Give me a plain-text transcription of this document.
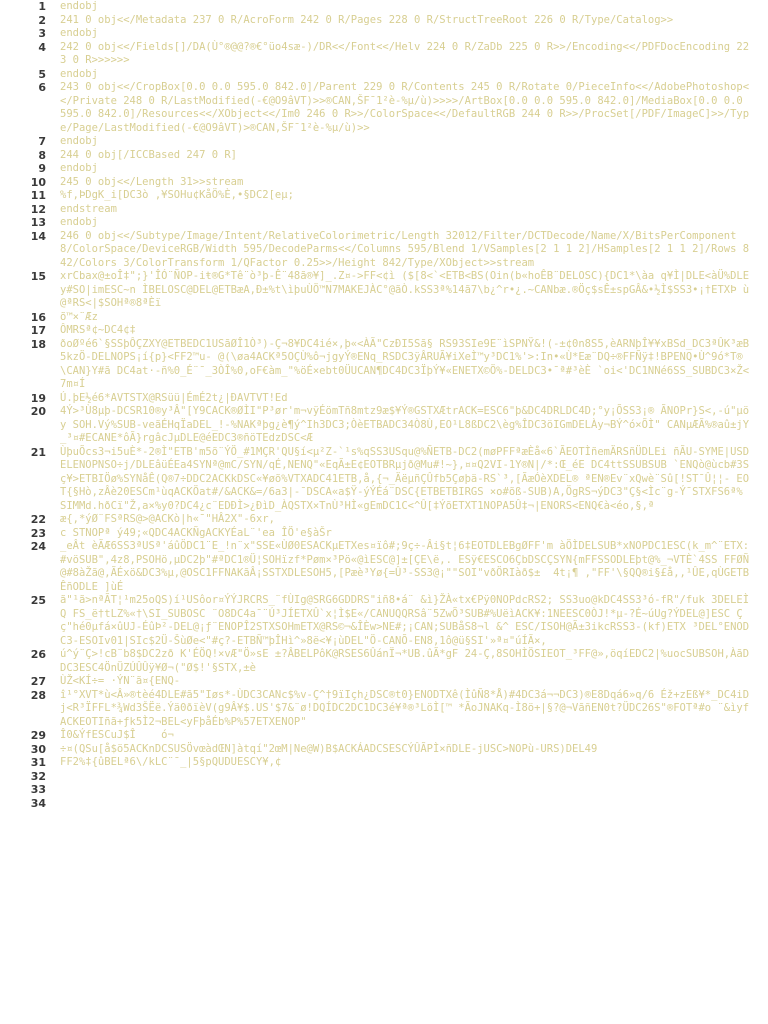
1	endobj
2	241 0 obj<</Metadata 237 0 R/AcroForm 242 0 R/Pages 228 0 R/StructTreeRoot 226 0 R/Type/Catalog>>
3	endobj
4	242 0 obj<</Fields[]/DA(Ù°®@@?®€°üo4sæ-)/DR<</Font<</Helv 224 0 R/ZaDb 225 0 R>>/Encoding<</PDFDocEncoding 223 0 R>>>>>>
5	endobj
6	243 0 obj<</CropBox[0.0 0.0 595.0 842.0]/Parent 229 0 R/Contents 245 0 R/Rotate 0/PieceInfo<</AdobePhotoshop<</Private 248 0 R/LastModified(-€@O9âVT)>>®CAN,ŠF¯1²è-%µ/ù)>>>>/ArtBox[0.0 0.0 595.0 842.0]/MediaBox[0.0 0.0 595.0 842.0]/Resources<</XObject<</Im0 246 0 R>>/ColorSpace<</DefaultRGB 244 0 R>>/ProcSet[/PDF/ImageC]>>/Type/Page/LastModified(-€@O9âVT)>®CAN,ŠF¯1²è-%µ/ù)>>
7	endobj
8	244 0 obj[/ICCBased 247 0 R]
9	endobj
10	245 0 obj<</Length 31>>stream
11	%f,ÞDgK_i[DC3ò ,¥SOHu¢KåÖ%È,•§DC2[eµ;
12	endstream
13	endobj
14	246 0 obj<</Subtype/Image/Intent/RelativeColorimetric/Length 32012/Filter/DCTDecode/Name/X/BitsPerComponent 8/ColorSpace/DeviceRGB/Width 595/DecodeParms<</Columns 595/Blend 1/VSamples[2 1 1 2]/HSamples[2 1 1 2]/Rows 842/Colors 3/ColorTransform 1/QFactor 0.25>>/Height 842/Type/XObject>>stream
15	xrCbax@±oÎ‡";}'ÎÓ¨ÑOP-iŧ®G*Tê¨ò³þ-Ê¨48ã®¥]_.Z¤->FF<¢ì ($[8<`<ETB<BS(Oin(b«hoÊB¨DELOSC){DC1*\àa q¥Ì|DLE<àÜ%DLEy#SO|imESC~n ÌBELOSC@DEL@ETBæA,Ð±%t\ìþuÙÖ™N7MAKEJÀC°@ãÒ.kSS3ª%14ã7\b¿^r•¿.~CANbæ.®Öç$sÊ±spGÂ&•½Ì$SS3•¡†ETXÞ ù@ªRS<|$SOHª®8ªÈï
16	õ™×¨Æz
17	ÔMRSª¢~DC4¢‡
18	ðoØºé6`§SSþÔÇZXY@ETBEDC1USãØÎ1Ò³)-Ç¬8¥DC4ié×,þ«<ÀÃ"CzÐI5Sã§ RS93SIe9E¨ìSPNŸ&!(-±¢0n8S5,èARNþÎ¥¥xBSd_DC3ªÛK³æB5kzÖ-DELNOPS¡í{p}<FF2™u- @(\øa4ACKª5OÇÙ%ô¬jgyÝ®ENq_RSDC3ÿÂRUÃ¥iXeÌ™y³DC1%'>:In•«Ù*Eæ¨DQ÷®FFÑÿ‡!BPENQ•Ù^9ó*T®\CAN}Y#ã DC4at·-ñ%0_É¨¯_3ÒÎ%0,oF€àm_"%öÉ×ebt0ÜUCAN¶DC4DC3ÏþÝ¥«ENETX©Ö%-DELDC3•¯ª#³èÈ `oi<'DC1NNé6SS_SUBDC3×Ž<7m¤Í
19	Ú.þE½é6*AVTSTX@RSüü|ÉmÉ2t¿|ÐAVTVT!Ed
20	4Ý>³Ù8µþ-DCSR10®y³Â"[Y9CACK®ØÌI"P³ør'm¬vÿÉömTñ8mtz9æ$¥Ý®GSTXÆtrACK=ESC6"þ&DC4DRLDC4D;°y¡ÕSS3¡® ÃNOPr}S<,-ú"µöy SOH.Vý%SUB-veãÉHqÏaDEL_!-%NAKªþg¿è¶ý^Ih3DC3;ÒèETBADC34Ò8Ù,EO¹L8ßDC2\èg%ÎDC3öIGmDELÀy¬BÝ^ó×ÕÌ" CANµÆÃ%®aû±jY_³¤#ECANE*ôÃ}rgâcJµDLE@éEDC3®ñöTEdzDSC<Æ
21	ÙþuÕcs3¬i5uÈ*-2®Ì"ETB'm5õ¨ÝÖ_#1MÇR'QU§í<µ²Z-`¹s%qSS3USqu@%ÑETB-DC2(møPFFªæÈå«6`ÃEOTÌñemÄRSñÜDLEi ñÃU-SYME|USDELENOPNSO÷j/DLEâüÉEa4SYNª@mC/SYN/qÉ,NENQ"«EqÃ±E¢EOTBRµjð@Mu#!~},¤¤Q2VI-1Y®N|/*:Œ_éE DC4ttSSUBSUB `ENQò@ùcb#3Sç¥>ETBIÖø%SYNåÊ(Q®7÷DDC2ACKkDSC«¥øõ%VTXADC41ETB,å,{¬_ÄëµñÇÛfb5Çøþä-RS`³,[ÃæÓèXDEL® ªEN®Ev¨xQwè¨Sû[!ST¯Û¦¦- EOT{§Hò,zÂè20ESCm¹ùqACKÖat#/&ACK&=/6a3|-¯DSCA«a$Ÿ-ýÝÉá¨DSC{ETBETBIRGS ×o#õß-SUB)A,ÖgRS¬ýDC3"Ç§<Ìc¨g-Ý¯STXFS6ª% SIMMd.hðCï"Ž,a×%y0?DC4¿c¨EDÐÌ>¿ÐìD_ÀQSTX×TnÙ³HÌ«gEmDC1C<^Û[‡ÝõETXT1NOPA5Û‡¬|ENORS<ENQ€à<éo,§,ª
22	æ{,*ýØ¨FSªRS@>@ACKò|h«¯"HÂ2X"-6xr,
23	c STNOPª ý49;«QDC4ACKÑgACKYÉaL¨'ea ÎÖ'e§àŠr
24	_eÂt èÃÆ6SS3ªUSª'áûÖDC1¨E_!n¨x"SSE«ÙØ0ESACKµETXes¤ïô#;9ç÷-Âi§t¦6‡EOTDLEBgØFF'm àÖÌDELSUB*xNOPDC1ESC(k_m^¨ETX:#vöSUB",4z8,PSOHö,µDC2þ"#ªDC1®Ü¦SOHïzf*Pøm×³Pö«@ìESC@]±[ÇE\ë,. ESÿ€ESCO6ÇbDSCÇSYN{mFFSSODLEþt@%_¬VTÈ`4SS FFØÑ@#8àŽã@,ÃÉxö&DC3%µ,@OSC1FFNAKãÂ¡SSTXDLESOH5,[Pæè³Yø{=Û³-SS3@¡""SOI"vðÖRIàð$±  4t¡¶ ,"FF'\§QQ®i§£å,,¹ÛE,qÙGETBÊñODLE ]ùÉ
25	ã"¹ã>nªÃT¦¹m25oQS)í¹USôor¤ÝÝJRCRS_¨fÙIg@SRG6GDDRS"iñ8•á¨ &ì}ŽÀ«tx€Pÿ0NOPdcRS2; SS3uo@kDC4SS3³ó-fR"/fuk 3DELEÌQ FS_ë†tLZ%«†\SI_SUBOSC ¨O8DC4a¯¨Ú³JÍETXÛ`x¦Ì$E«/CANUQQRSâ¨5ZwÕ³SUB#%UëìACK¥:1NEESC0ÒJ!*µ-?É~úUg?ÝDEL@]ESC Çç"hé0µfá×ûUJ-ÉûÞ²-DEL@¡ƒ¨ENOPÎ2STXSOHmETX@RS©¬&ÎÈw>NE#;¡CAN;SUBåS8¬l &^ ESC/ISOH@Ã±3ikcRSS3-(kf)ETX ³DEL°ENODC3-ESOIv01|SIc$2Ü-ŠùØe<"#ç?-ETBÑ™þÎHì^»8ë<¥¡ùDEL"Ö-CANÕ-EN8,1ô@ü§SI'»ª¤"úÍÃ×,
26	ú^ý¨Ç>!cB¨b8$DC2zð K'ÉÖQ!×vÆ"Ö»sE ±?ÂBELPôK@RSES6ÛánÏ¬*UB.ûÃ*gF 24-Ç,8SOHÌÖSIEOT_³FF@»,öqíEDC2|%uocSUBSOH,ÀãD DC3ESC4ÖnÜZÚÛÛÿ¥Ø¬("Ø$!'§STX,±è
27	ÙŽ<KÍ÷= ·ÝN¨ã¤{ENQ-
28	î¹°XVT*ù<Â»®tèé4DLE#ã5"Iøs*-ÙDC3CANc$%v-Ç^†9ïIçh¿DSC®t0}ENODTXê(ÌûÑ8*Å)#4DC3á¬¬DC3)®E8Dqá6»q/6 Éž+zEß¥*_DC4iDj<R³ÏFFL*¾Wd3ŠËë.Ýä0ðïèV(g9Â¥$.US'$7&¨ø!DQÍDC2DC1DC3é¥ª®³LöÌ[™ *ÃoJNAKq-Ì8ö+|§?@¬VãñEN0t?ÜDC26S"®FOTª#o ¨&ìyfACKEOTIñã+ƒk5Ì2¬BEL<yFþåÉb%P%57ETXENOP"
29	Î0&ÝfESCuJ$Î    ó¬
30	÷¤(QSu[å$ö5ACKnDCSUSÖvœàdŒN]àtqí"2œM|Ne@W)B$ACKÁADCSESCÝÛÃPÌ×ñDLE-jUSC>NOPù-URS)DEL49
31	FF2%‡{ûBELª6\/kLC¨¯_|5§pQUDUESCY¥,¢
32
33
34
